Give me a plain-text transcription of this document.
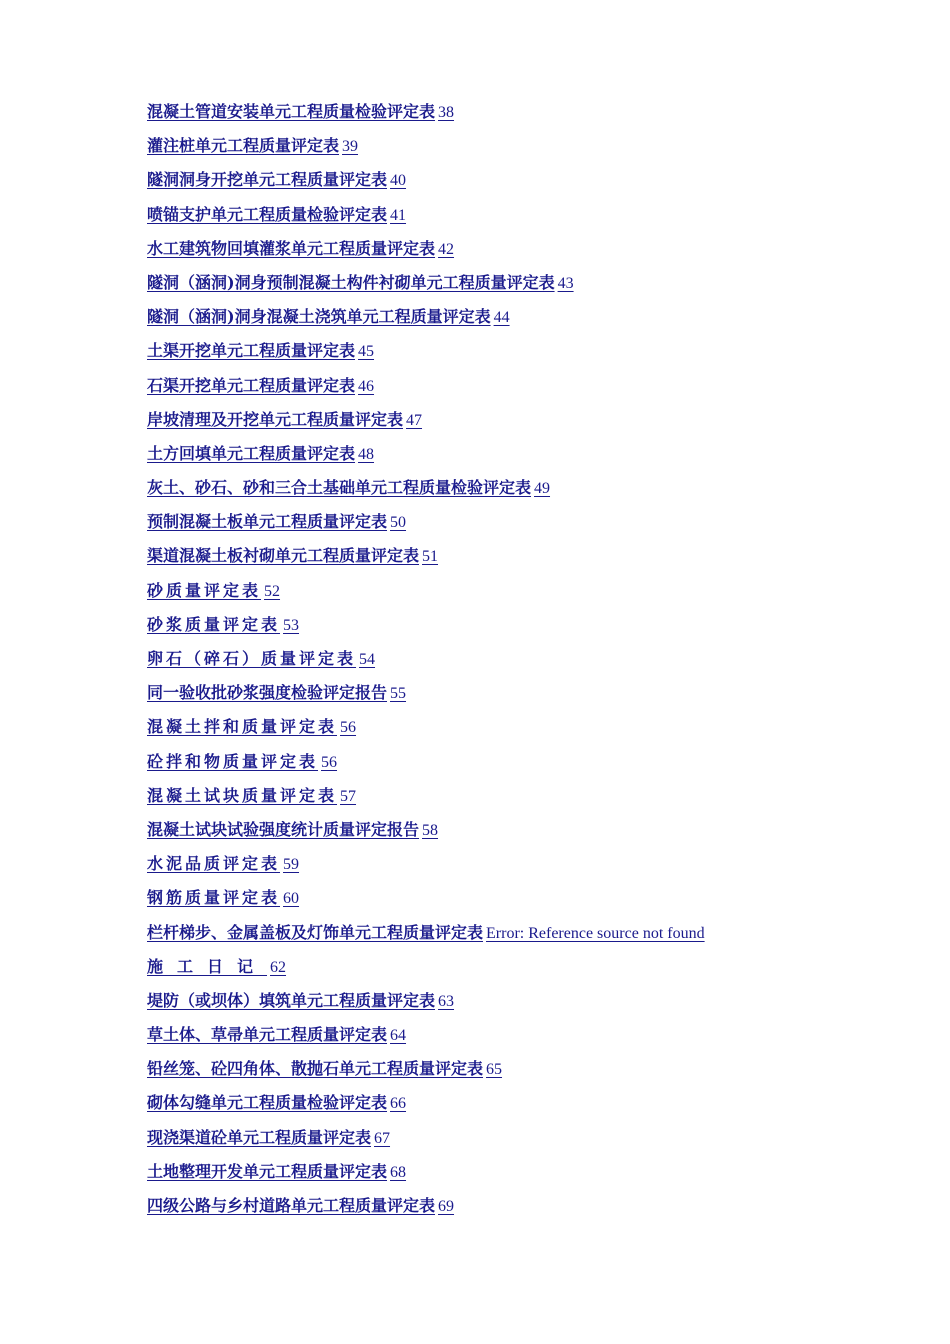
混凝土管道安装单元工程质量检验评定表 38
灌注桩单元工程质量评定表 39
隧洞洞身开挖单元工程质量评定表 40
喷锚支护单元工程质量检验评定表 41
水工建筑物回填灌浆单元工程质量评定表 42
隧洞（涵洞)洞身预制混凝土构件衬砌单元工程质量评定表 43
隧洞（涵洞)洞身混凝土浇筑单元工程质量评定表 44
土渠开挖单元工程质量评定表 45
石渠开挖单元工程质量评定表 46
岸坡清理及开挖单元工程质量评定表 47
土方回填单元工程质量评定表 48
灰土、砂石、砂和三合土基础单元工程质量检验评定表 49
预制混凝土板单元工程质量评定表 50
渠道混凝土板衬砌单元工程质量评定表 51
砂质量评定表 52
砂浆质量评定表 53
卵石（碎石）质量评定表 54
同一验收批砂浆强度检验评定报告 55
混凝土拌和质量评定表 56
砼拌和物质量评定表 56
混凝土试块质量评定表 57
混凝土试块试验强度统计质量评定报告 58
水泥品质评定表 59
钢筋质量评定表 60
栏杆梯步、金属盖板及灯饰单元工程质量评定表 Error: Reference source not found
施工日记 62
堤防（或坝体）填筑单元工程质量评定表 63
草土体、草帚单元工程质量评定表 64
铅丝笼、砼四角体、散抛石单元工程质量评定表 65
砌体勾缝单元工程质量检验评定表 66
现浇渠道砼单元工程质量评定表 67
土地整理开发单元工程质量评定表 68
四级公路与乡村道路单元工程质量评定表 69
